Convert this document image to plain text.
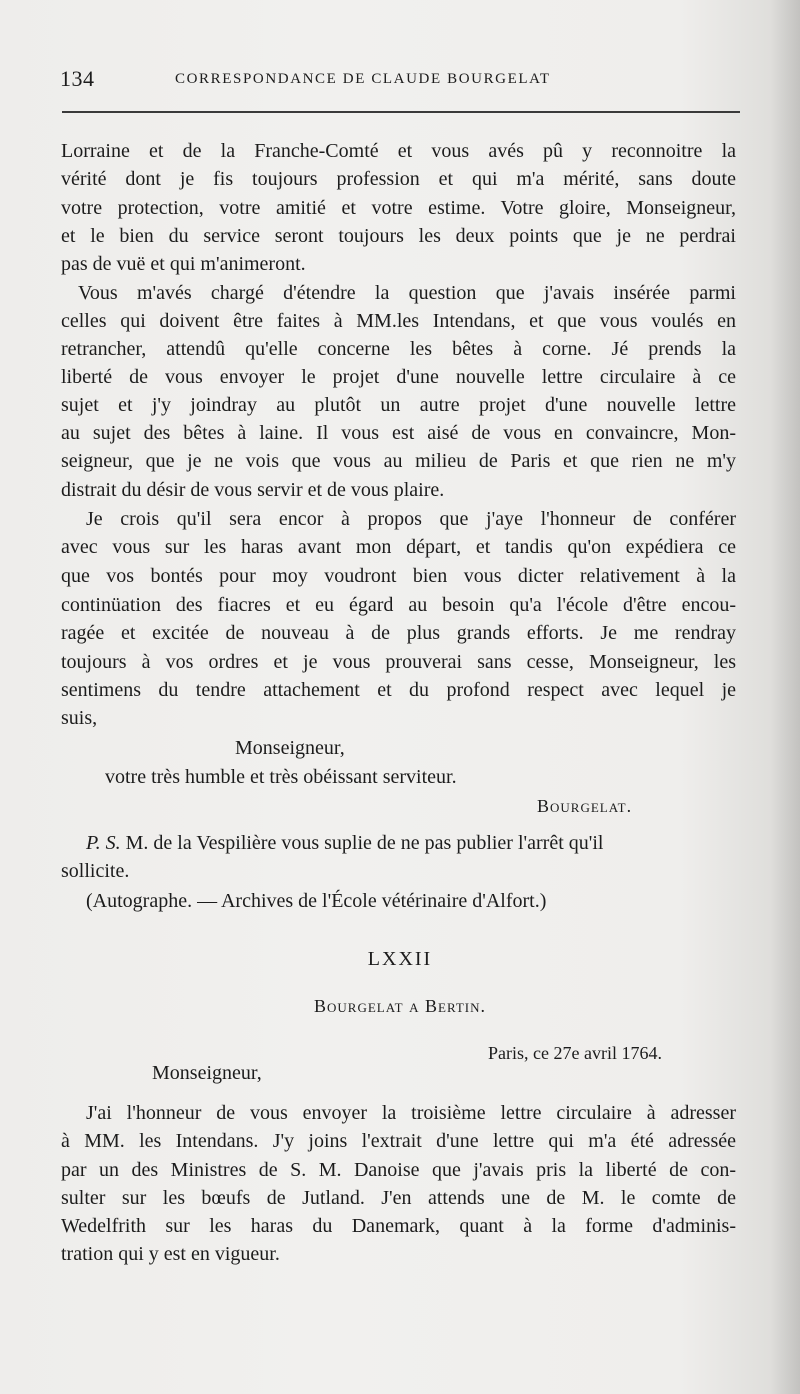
134	CORRESPONDANCE DE CLAUDE BOURGELAT
Lorraine et de la Franche-Comté et vous avés pû y reconnoitre la
vérité dont je fis toujours profession et qui m'a mérité, sans doute
votre protection, votre amitié et votre estime. Votre gloire, Monseigneur,
et le bien du service seront toujours les deux points que je ne perdrai
pas de vuë et qui m'animeront.
Vous m'avés chargé d'étendre la question que j'avais insérée parmi
celles qui doivent être faites à MM.les Intendans, et que vous voulés en
retrancher, attendû qu'elle concerne les bêtes à corne. Jé prends la
liberté de vous envoyer le projet d'une nouvelle lettre circulaire à ce
sujet et j'y joindray au plutôt un autre projet d'une nouvelle lettre
au sujet des bêtes à laine. Il vous est aisé de vous en convaincre, Mon-
seigneur, que je ne vois que vous au milieu de Paris et que rien ne m'y
distrait du désir de vous servir et de vous plaire.
Je crois qu'il sera encor à propos que j'aye l'honneur de conférer
avec vous sur les haras avant mon départ, et tandis qu'on expédiera ce
que vos bontés pour moy voudront bien vous dicter relativement à la
continüation des fiacres et eu égard au besoin qu'a l'école d'être encou-
ragée et excitée de nouveau à de plus grands efforts. Je me rendray
toujours à vos ordres et je vous prouverai sans cesse, Monseigneur, les
sentimens du tendre attachement et du profond respect avec lequel je
suis,
Monseigneur,
votre très humble et très obéissant serviteur.
Bourgelat.
P. S. M. de la Vespilière vous suplie de ne pas publier l'arrêt qu'il
sollicite.
(Autographe. — Archives de l'École vétérinaire d'Alfort.)
LXXII
Bourgelat a Bertin.
Paris, ce 27e avril 1764.
Monseigneur,
J'ai l'honneur de vous envoyer la troisième lettre circulaire à adresser
à MM. les Intendans. J'y joins l'extrait d'une lettre qui m'a été adressée
par un des Ministres de S. M. Danoise que j'avais pris la liberté de con-
sulter sur les bœufs de Jutland. J'en attends une de M. le comte de
Wedelfrith sur les haras du Danemark, quant à la forme d'adminis-
tration qui y est en vigueur.
